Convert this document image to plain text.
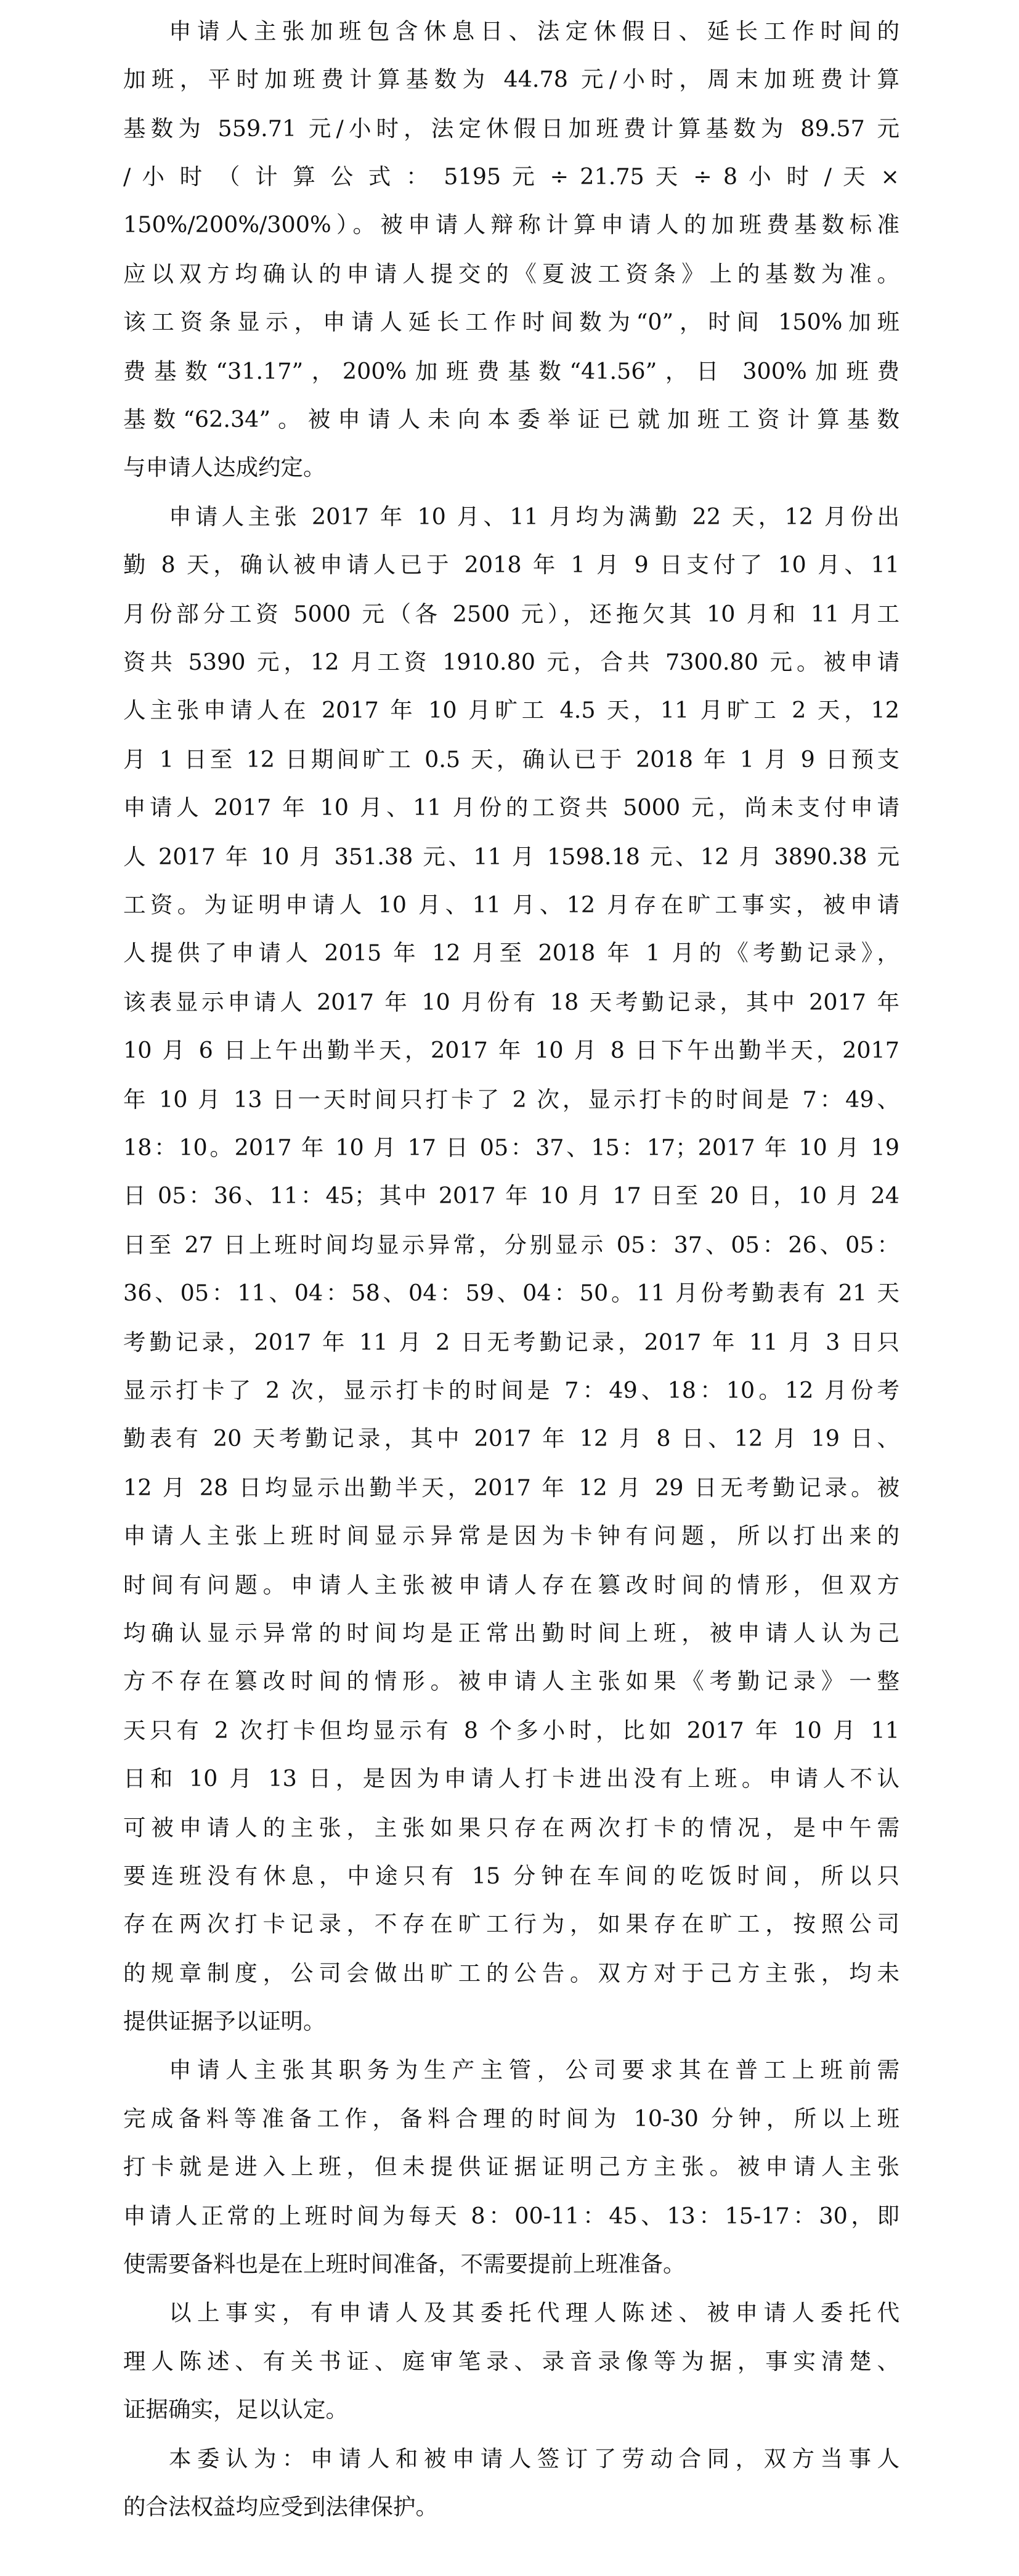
申请人主张加班包含休息日、法定休假日、延长工作时间的
加班，平时加班费计算基数为 44.78 元/小时，周末加班费计算
基数为 559.71 元/小时，法定休假日加班费计算基数为 89.57 元
/ 小 时 （ 计 算 公 式 ： 5195 元 ÷ 21.75 天 ÷ 8 小 时 / 天 ×
150%/200%/300%）。被申请人辩称计算申请人的加班费基数标准
应以双方均确认的申请人提交的《夏波工资条》上的基数为准。
该工资条显示，申请人延长工作时间数为“0”，时间 150%加班
费基数“31.17”，200%加班费基数“41.56”，日 300%加班费
基数“62.34”。被申请人未向本委举证已就加班工资计算基数
与申请人达成约定。
申请人主张 2017 年 10 月、11 月均为满勤 22 天，12 月份出
勤 8 天，确认被申请人已于 2018 年 1 月 9 日支付了 10 月、11
月份部分工资 5000 元（各 2500 元），还拖欠其 10 月和 11 月工
资共 5390 元，12 月工资 1910.80 元，合共 7300.80 元。被申请
人主张申请人在 2017 年 10 月旷工 4.5 天，11 月旷工 2 天，12
月 1 日至 12 日期间旷工 0.5 天，确认已于 2018 年 1 月 9 日预支
申请人 2017 年 10 月、11 月份的工资共 5000 元，尚未支付申请
人 2017 年 10 月 351.38 元、11 月 1598.18 元、12 月 3890.38 元
工资。为证明申请人 10 月、11 月、12 月存在旷工事实，被申请
人提供了申请人 2015 年 12 月至 2018 年 1 月的《考勤记录》，
该表显示申请人 2017 年 10 月份有 18 天考勤记录，其中 2017 年
10 月 6 日上午出勤半天，2017 年 10 月 8 日下午出勤半天，2017
年 10 月 13 日一天时间只打卡了 2 次，显示打卡的时间是 7：49、
18：10。2017 年 10 月 17 日 05：37、15：17；2017 年 10 月 19
日 05：36、11：45；其中 2017 年 10 月 17 日至 20 日，10 月 24
日至 27 日上班时间均显示异常，分别显示 05：37、05：26、05：
36、05：11、04：58、04：59、04：50。11 月份考勤表有 21 天
考勤记录，2017 年 11 月 2 日无考勤记录，2017 年 11 月 3 日只
显示打卡了 2 次，显示打卡的时间是 7：49、18：10。12 月份考
勤表有 20 天考勤记录，其中 2017 年 12 月 8 日、12 月 19 日、
12 月 28 日均显示出勤半天，2017 年 12 月 29 日无考勤记录。被
申请人主张上班时间显示异常是因为卡钟有问题，所以打出来的
时间有问题。申请人主张被申请人存在篡改时间的情形，但双方
均确认显示异常的时间均是正常出勤时间上班，被申请人认为己
方不存在篡改时间的情形。被申请人主张如果《考勤记录》一整
天只有 2 次打卡但均显示有 8 个多小时，比如 2017 年 10 月 11
日和 10 月 13 日，是因为申请人打卡进出没有上班。申请人不认
可被申请人的主张，主张如果只存在两次打卡的情况，是中午需
要连班没有休息，中途只有 15 分钟在车间的吃饭时间，所以只
存在两次打卡记录，不存在旷工行为，如果存在旷工，按照公司
的规章制度，公司会做出旷工的公告。双方对于己方主张，均未
提供证据予以证明。
申请人主张其职务为生产主管，公司要求其在普工上班前需
完成备料等准备工作，备料合理的时间为 10-30 分钟，所以上班
打卡就是进入上班，但未提供证据证明己方主张。被申请人主张
申请人正常的上班时间为每天 8：00-11：45、13：15-17：30，即
使需要备料也是在上班时间准备，不需要提前上班准备。
以上事实，有申请人及其委托代理人陈述、被申请人委托代
理人陈述、有关书证、庭审笔录、录音录像等为据，事实清楚、
证据确实，足以认定。
本委认为：申请人和被申请人签订了劳动合同，双方当事人
的合法权益均应受到法律保护。
